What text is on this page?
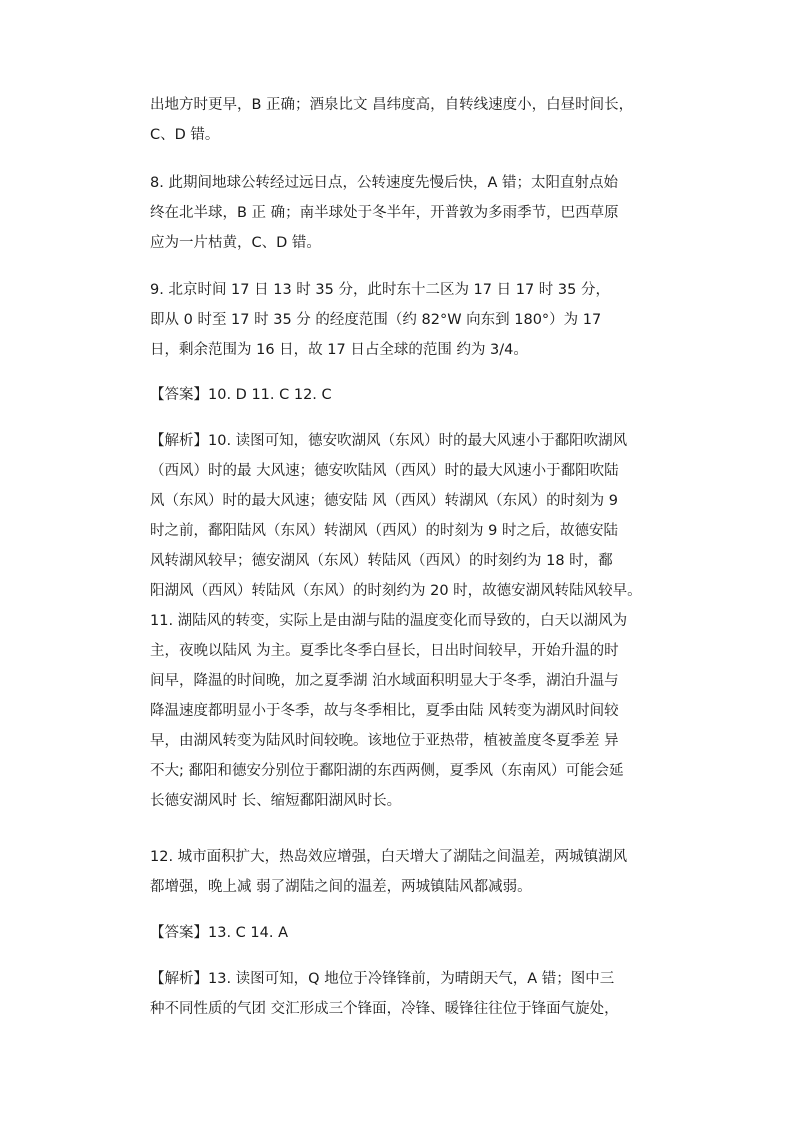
出地方时更早，B 正确；酒泉比文 昌纬度高，自转线速度小，白昼时间长，
C、D 错。
8. 此期间地球公转经过远日点，公转速度先慢后快，A 错；太阳直射点始
终在北半球，B 正 确；南半球处于冬半年，开普敦为多雨季节，巴西草原
应为一片枯黄，C、D 错。
9. 北京时间 17 日 13 时 35 分，此时东十二区为 17 日 17 时 35 分，
即从 0 时至 17 时 35 分 的经度范围（约 82°W 向东到 180°）为 17
日，剩余范围为 16 日，故 17 日占全球的范围 约为 3/4。
【答案】10. D 11. C 12. C
【解析】10. 读图可知，德安吹湖风（东风）时的最大风速小于鄱阳吹湖风
（西风）时的最 大风速；德安吹陆风（西风）时的最大风速小于鄱阳吹陆
风（东风）时的最大风速；德安陆 风（西风）转湖风（东风）的时刻为 9
时之前，鄱阳陆风（东风）转湖风（西风）的时刻为 9 时之后，故德安陆
风转湖风较早；德安湖风（东风）转陆风（西风）的时刻约为 18 时，鄱
阳湖风（西风）转陆风（东风）的时刻约为 20 时，故德安湖风转陆风较早。
11. 湖陆风的转变，实际上是由湖与陆的温度变化而导致的，白天以湖风为
主，夜晚以陆风 为主。夏季比冬季白昼长，日出时间较早，开始升温的时
间早，降温的时间晚，加之夏季湖 泊水域面积明显大于冬季，湖泊升温与
降温速度都明显小于冬季，故与冬季相比，夏季由陆 风转变为湖风时间较
早，由湖风转变为陆风时间较晚。该地位于亚热带，植被盖度冬夏季差 异
不大; 鄱阳和德安分别位于鄱阳湖的东西两侧，夏季风（东南风）可能会延
长德安湖风时 长、缩短鄱阳湖风时长。
12. 城市面积扩大，热岛效应增强，白天增大了湖陆之间温差，两城镇湖风
都增强，晚上减 弱了湖陆之间的温差，两城镇陆风都减弱。
【答案】13. C 14. A
【解析】13. 读图可知，Q 地位于冷锋锋前，为晴朗天气，A 错；图中三
种不同性质的气团 交汇形成三个锋面，冷锋、暖锋往往位于锋面气旋处，
